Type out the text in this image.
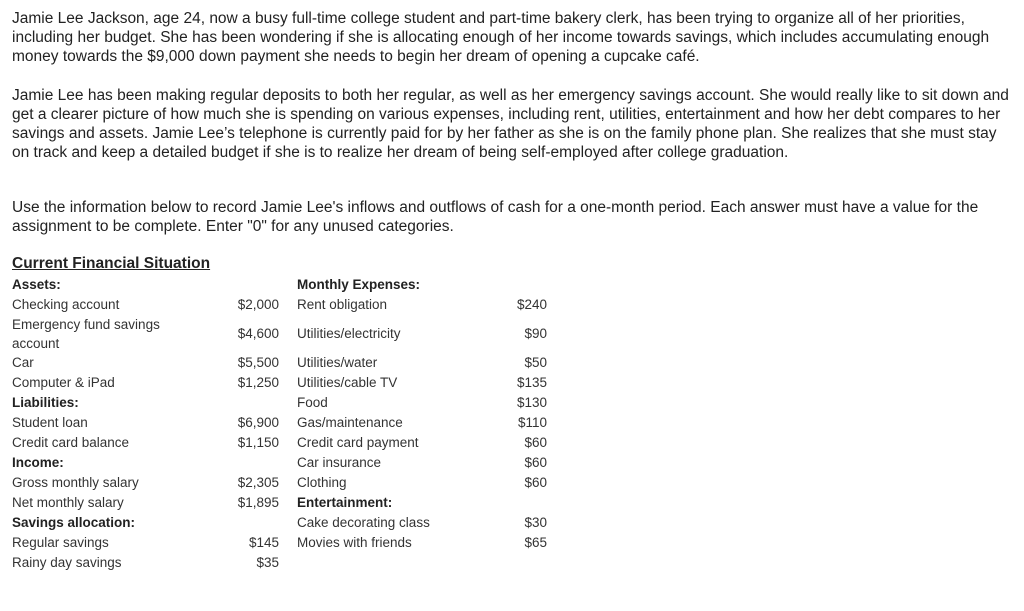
Jamie Lee Jackson, age 24, now a busy full-time college student and part-time bakery clerk, has been trying to organize all of her priorities, including her budget. She has been wondering if she is allocating enough of her income towards savings, which includes accumulating enough money towards the $9,000 down payment she needs to begin her dream of opening a cupcake café.

Jamie Lee has been making regular deposits to both her regular, as well as her emergency savings account. She would really like to sit down and get a clearer picture of how much she is spending on various expenses, including rent, utilities, entertainment and how her debt compares to her savings and assets. Jamie Lee’s telephone is currently paid for by her father as she is on the family phone plan. She realizes that she must stay on track and keep a detailed budget if she is to realize her dream of being self-employed after college graduation.

Use the information below to record Jamie Lee's inflows and outflows of cash for a one-month period. Each answer must have a value for the assignment to be complete. Enter "0" for any unused categories.

Current Financial Situation
Assets:
Checking account
Emergency fund savings account
Car
Computer & iPad
Liabilities:
Student loan
Credit card balance
Income:
Gross monthly salary
Net monthly salary
Savings allocation:
Regular savings
Rainy day savings
$2,000
$4,600
$5,500
$1,250
$6,900
$1,150
$2,305
$1,895
$145
$35
Monthly Expenses:
Rent obligation
Utilities/electricity
Utilities/water
Utilities/cable TV
Food
Gas/maintenance
Credit card payment
Car insurance
Clothing
Entertainment:
Cake decorating class
Movies with friends
$240
$90
$50
$135
$130
$110
$60
$60
$60
$30
$65
